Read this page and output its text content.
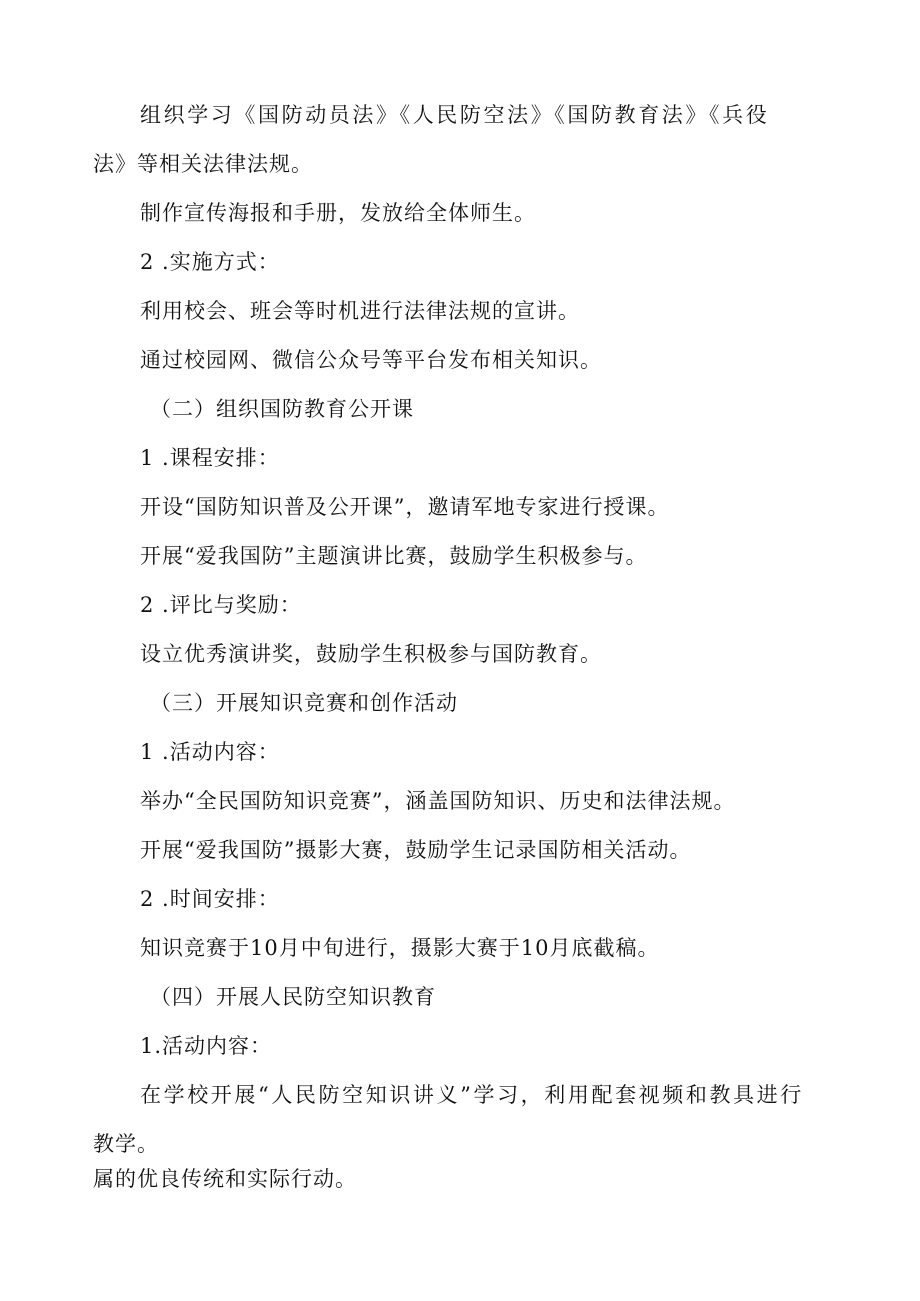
组织学习《国防动员法》《人民防空法》《国防教育法》《兵役
法》等相关法律法规。
制作宣传海报和手册，发放给全体师生。
2 .实施方式：
利用校会、班会等时机进行法律法规的宣讲。
通过校园网、微信公众号等平台发布相关知识。
（二）组织国防教育公开课
1 .课程安排：
开设“国防知识普及公开课”，邀请军地专家进行授课。
开展“爱我国防”主题演讲比赛，鼓励学生积极参与。
2 .评比与奖励：
设立优秀演讲奖，鼓励学生积极参与国防教育。
（三）开展知识竞赛和创作活动
1 .活动内容：
举办“全民国防知识竞赛”，涵盖国防知识、历史和法律法规。
开展“爱我国防”摄影大赛，鼓励学生记录国防相关活动。
2 .时间安排：
知识竞赛于10月中旬进行，摄影大赛于10月底截稿。
（四）开展人民防空知识教育
1.活动内容：
在学校开展“人民防空知识讲义”学习，利用配套视频和教具进行
教学。
属的优良传统和实际行动。
